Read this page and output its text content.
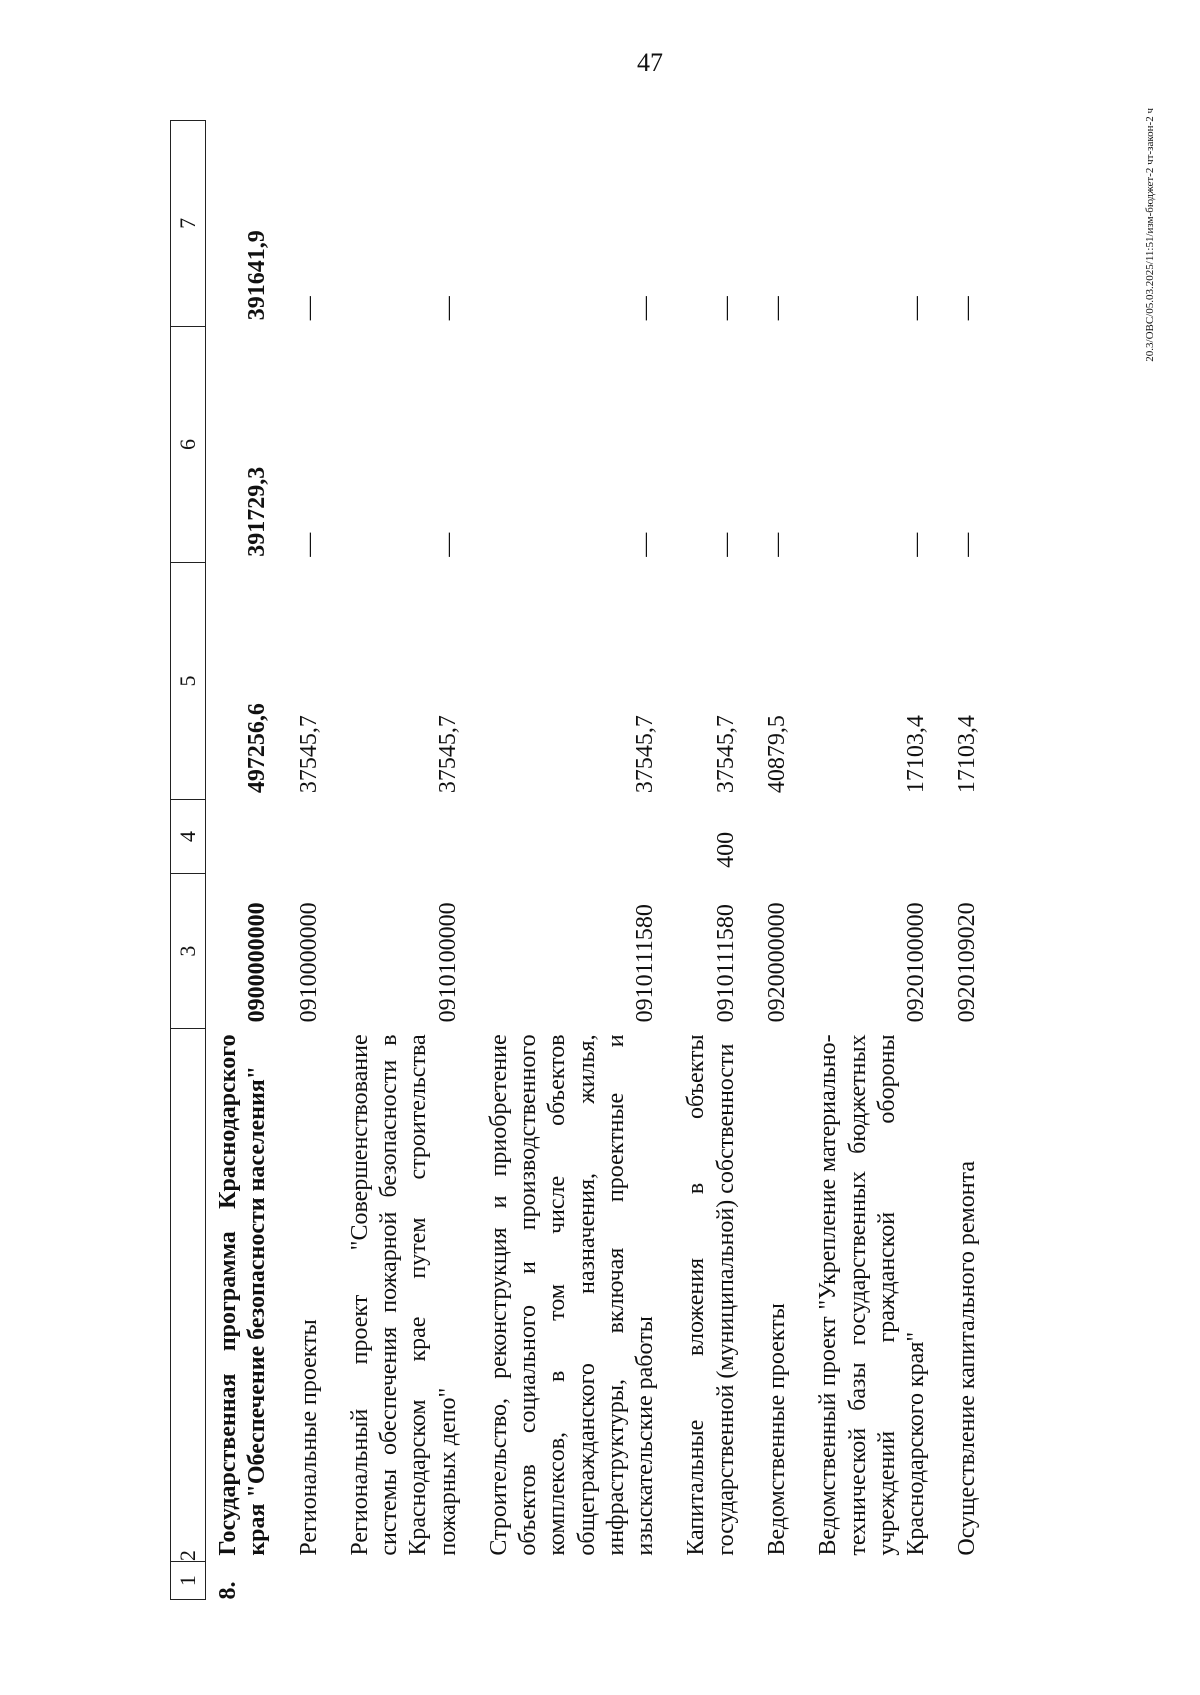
47
20.3/ОВС/05.03.2025/11:51/изм-бюджет-2 чт-закон-2 ч
1	2	3	4	5	6	7
8.	Государственная программа Краснодарского края "Обеспечение безопасности населения"	0900000000		497256,6	391729,3	391641,9
	Региональные проекты	0910000000		37545,7	—	—
	Региональный проект "Совершенствование системы обеспечения пожарной безопасности в Краснодарском крае путем строительства пожарных депо"	0910100000		37545,7	—	—
	Строительство, реконструкция и приобретение объектов социального и производственного комплексов, в том числе объектов общегражданского назначения, жилья, инфраструктуры, включая проектные и изыскательские работы	0910111580		37545,7	—	—
	Капитальные вложения в объекты государственной (муниципальной) собственности	0910111580	400	37545,7	—	—
	Ведомственные проекты	0920000000		40879,5	—	—
	Ведомственный проект "Укрепление материально-технической базы государственных бюджетных учреждений гражданской обороны Краснодарского края"	0920100000		17103,4	—	—
	Осуществление капитального ремонта	0920109020		17103,4	—	—
